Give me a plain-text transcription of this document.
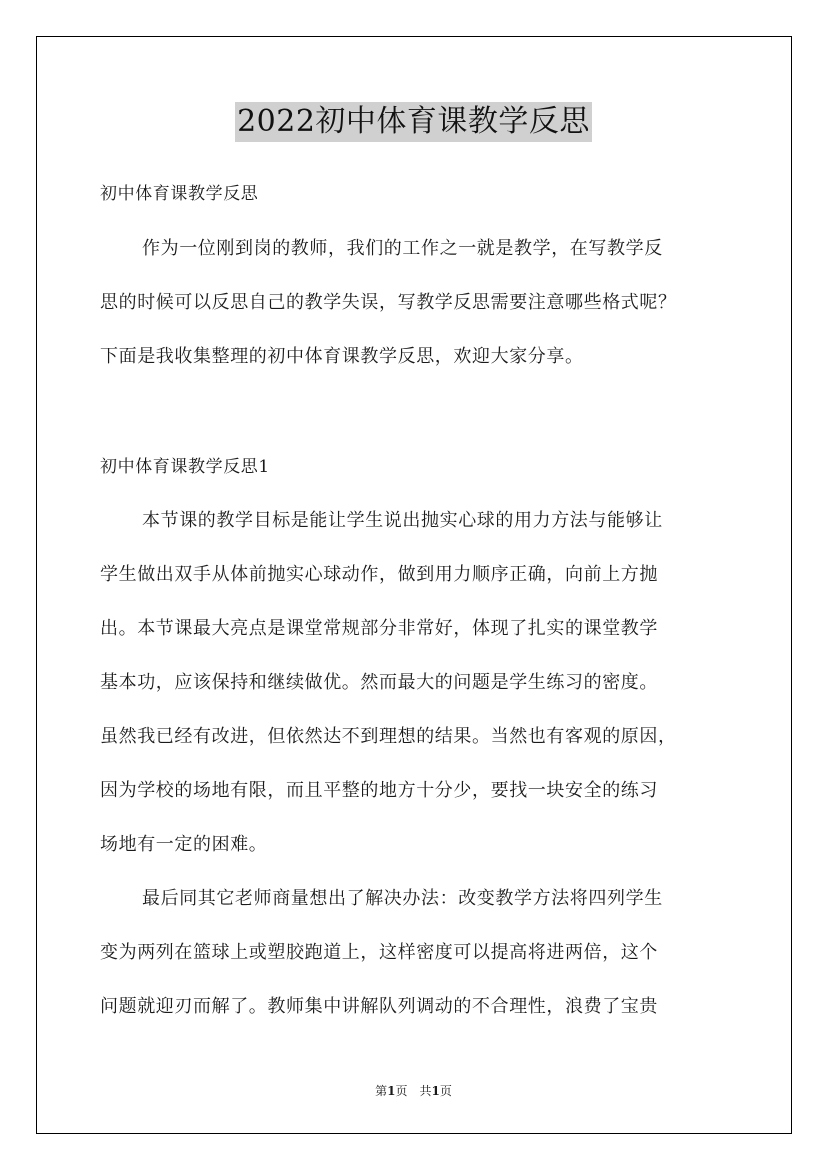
2022初中体育课教学反思
初中体育课教学反思
作为一位刚到岗的教师，我们的工作之一就是教学，在写教学反
思的时候可以反思自己的教学失误，写教学反思需要注意哪些格式呢？
下面是我收集整理的初中体育课教学反思，欢迎大家分享。
初中体育课教学反思1
本节课的教学目标是能让学生说出抛实心球的用力方法与能够让
学生做出双手从体前抛实心球动作，做到用力顺序正确，向前上方抛
出。本节课最大亮点是课堂常规部分非常好，体现了扎实的课堂教学
基本功，应该保持和继续做优。然而最大的问题是学生练习的密度。
虽然我已经有改进，但依然达不到理想的结果。当然也有客观的原因，
因为学校的场地有限，而且平整的地方十分少，要找一块安全的练习
场地有一定的困难。
最后同其它老师商量想出了解决办法：改变教学方法将四列学生
变为两列在篮球上或塑胶跑道上，这样密度可以提高将进两倍，这个
问题就迎刃而解了。教师集中讲解队列调动的不合理性，浪费了宝贵
第1页　共1页
